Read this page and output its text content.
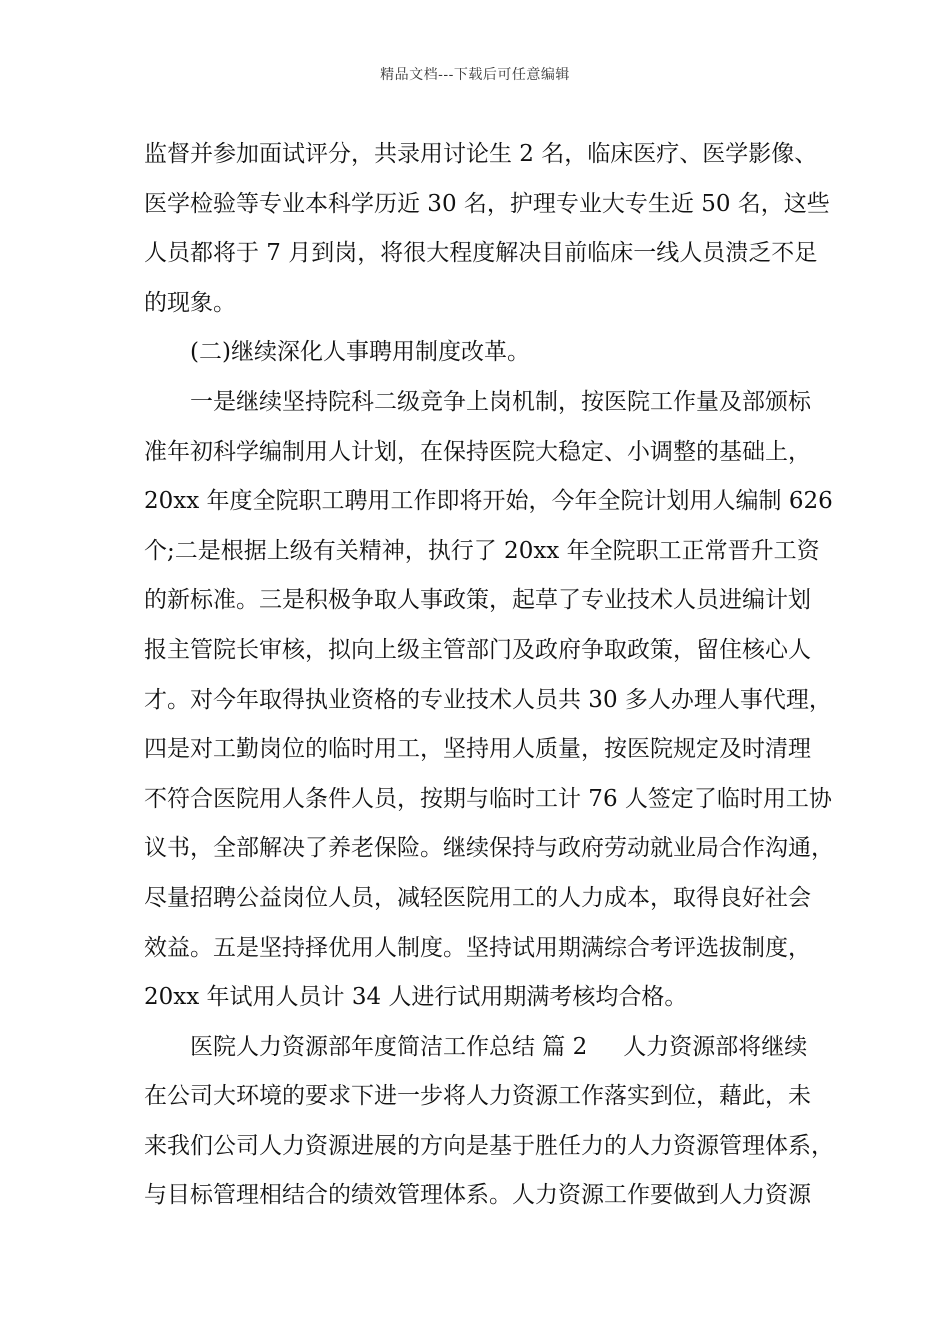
精品文档---下载后可任意编辑
监督并参加面试评分，共录用讨论生 2 名，临床医疗、医学影像、
医学检验等专业本科学历近 30 名，护理专业大专生近 50 名，这些
人员都将于 7 月到岗，将很大程度解决目前临床一线人员溃乏不足
的现象。
(二)继续深化人事聘用制度改革。
一是继续坚持院科二级竞争上岗机制，按医院工作量及部颁标
准年初科学编制用人计划，在保持医院大稳定、小调整的基础上，
20xx 年度全院职工聘用工作即将开始，今年全院计划用人编制 626
个;二是根据上级有关精神，执行了 20xx 年全院职工正常晋升工资
的新标准。三是积极争取人事政策，起草了专业技术人员进编计划
报主管院长审核，拟向上级主管部门及政府争取政策，留住核心人
才。对今年取得执业资格的专业技术人员共 30 多人办理人事代理，
四是对工勤岗位的临时用工，坚持用人质量，按医院规定及时清理
不符合医院用人条件人员，按期与临时工计 76 人签定了临时用工协
议书，全部解决了养老保险。继续保持与政府劳动就业局合作沟通，
尽量招聘公益岗位人员，减轻医院用工的人力成本，取得良好社会
效益。五是坚持择优用人制度。坚持试用期满综合考评选拔制度，
20xx 年试用人员计 34 人进行试用期满考核均合格。
医院人力资源部年度简洁工作总结 篇 2 人力资源部将继续
在公司大环境的要求下进一步将人力资源工作落实到位，藉此，未
来我们公司人力资源进展的方向是基于胜任力的人力资源管理体系，
与目标管理相结合的绩效管理体系。人力资源工作要做到人力资源
